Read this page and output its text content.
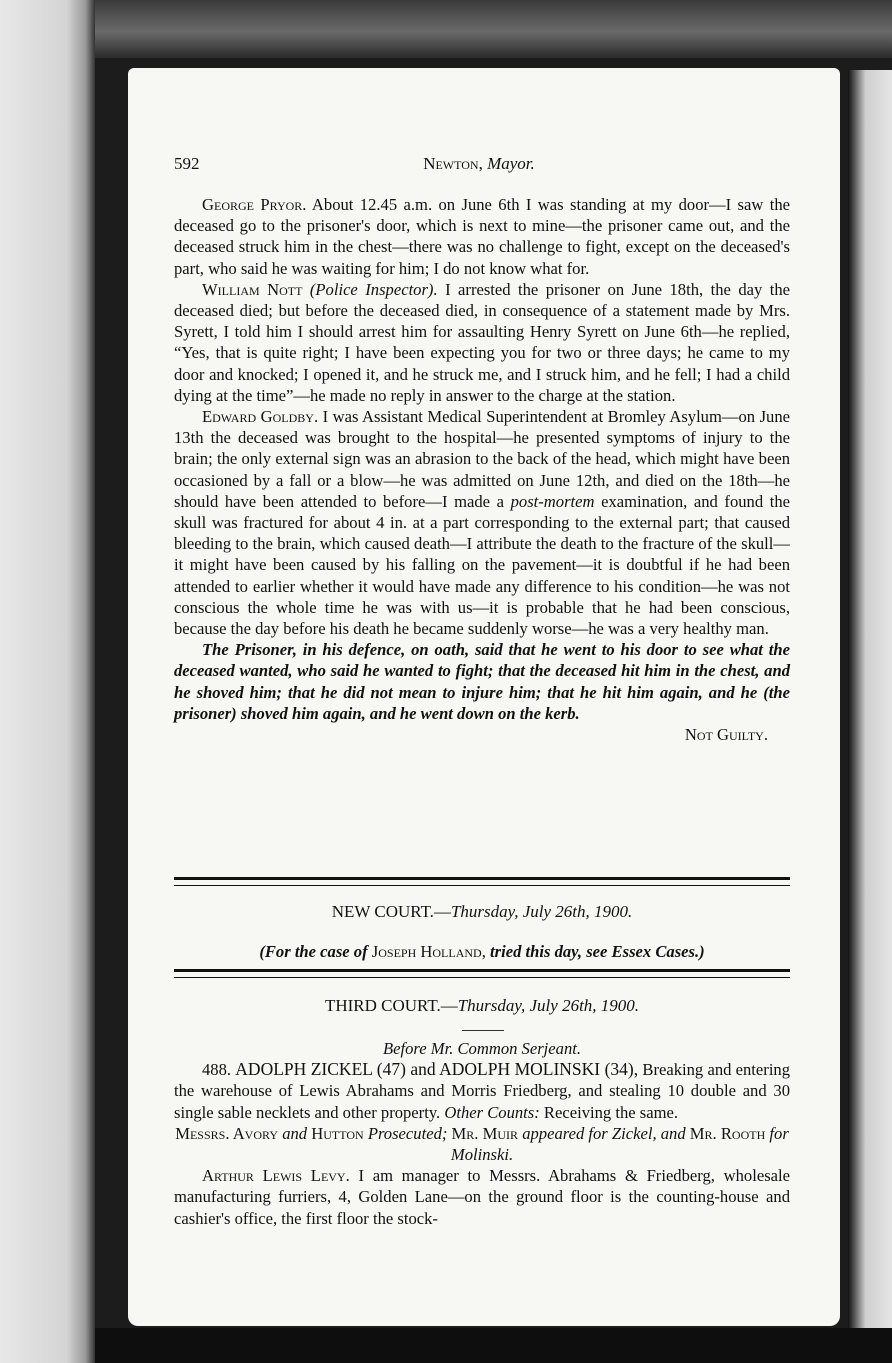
592	Newton, Mayor.

George Pryor. About 12.45 a.m. on June 6th I was standing at my door—I saw the deceased go to the prisoner's door, which is next to mine—the prisoner came out, and the deceased struck him in the chest—there was no challenge to fight, except on the deceased's part, who said he was waiting for him; I do not know what for.

William Nott (Police Inspector). I arrested the prisoner on June 18th, the day the deceased died; but before the deceased died, in consequence of a statement made by Mrs. Syrett, I told him I should arrest him for assaulting Henry Syrett on June 6th—he replied, “Yes, that is quite right; I have been expecting you for two or three days; he came to my door and knocked; I opened it, and he struck me, and I struck him, and he fell; I had a child dying at the time”—he made no reply in answer to the charge at the station.

Edward Goldby. I was Assistant Medical Superintendent at Bromley Asylum—on June 13th the deceased was brought to the hospital—he presented symptoms of injury to the brain; the only external sign was an abrasion to the back of the head, which might have been occasioned by a fall or a blow—he was admitted on June 12th, and died on the 18th—he should have been attended to before—I made a post-mortem examination, and found the skull was fractured for about 4 in. at a part corresponding to the external part; that caused bleeding to the brain, which caused death—I attribute the death to the fracture of the skull—it might have been caused by his falling on the pavement—it is doubtful if he had been attended to earlier whether it would have made any difference to his condition—he was not conscious the whole time he was with us—it is probable that he had been conscious, because the day before his death he became suddenly worse—he was a very healthy man.

The Prisoner, in his defence, on oath, said that he went to his door to see what the deceased wanted, who said he wanted to fight; that the deceased hit him in the chest, and he shoved him; that he did not mean to injure him; that he hit him again, and he (the prisoner) shoved him again, and he went down on the kerb.

Not Guilty.
NEW COURT.—Thursday, July 26th, 1900.
(For the case of Joseph Holland, tried this day, see Essex Cases.)
THIRD COURT.—Thursday, July 26th, 1900.
Before Mr. Common Serjeant.

488. ADOLPH ZICKEL (47) and ADOLPH MOLINSKI (34), Breaking and entering the warehouse of Lewis Abrahams and Morris Friedberg, and stealing 10 double and 30 single sable necklets and other property. Other Counts: Receiving the same.

Messrs. Avory and Hutton Prosecuted; Mr. Muir appeared for Zickel, and Mr. Rooth for Molinski.

Arthur Lewis Levy. I am manager to Messrs. Abrahams & Friedberg, wholesale manufacturing furriers, 4, Golden Lane—on the ground floor is the counting-house and cashier's office, the first floor the stock-
